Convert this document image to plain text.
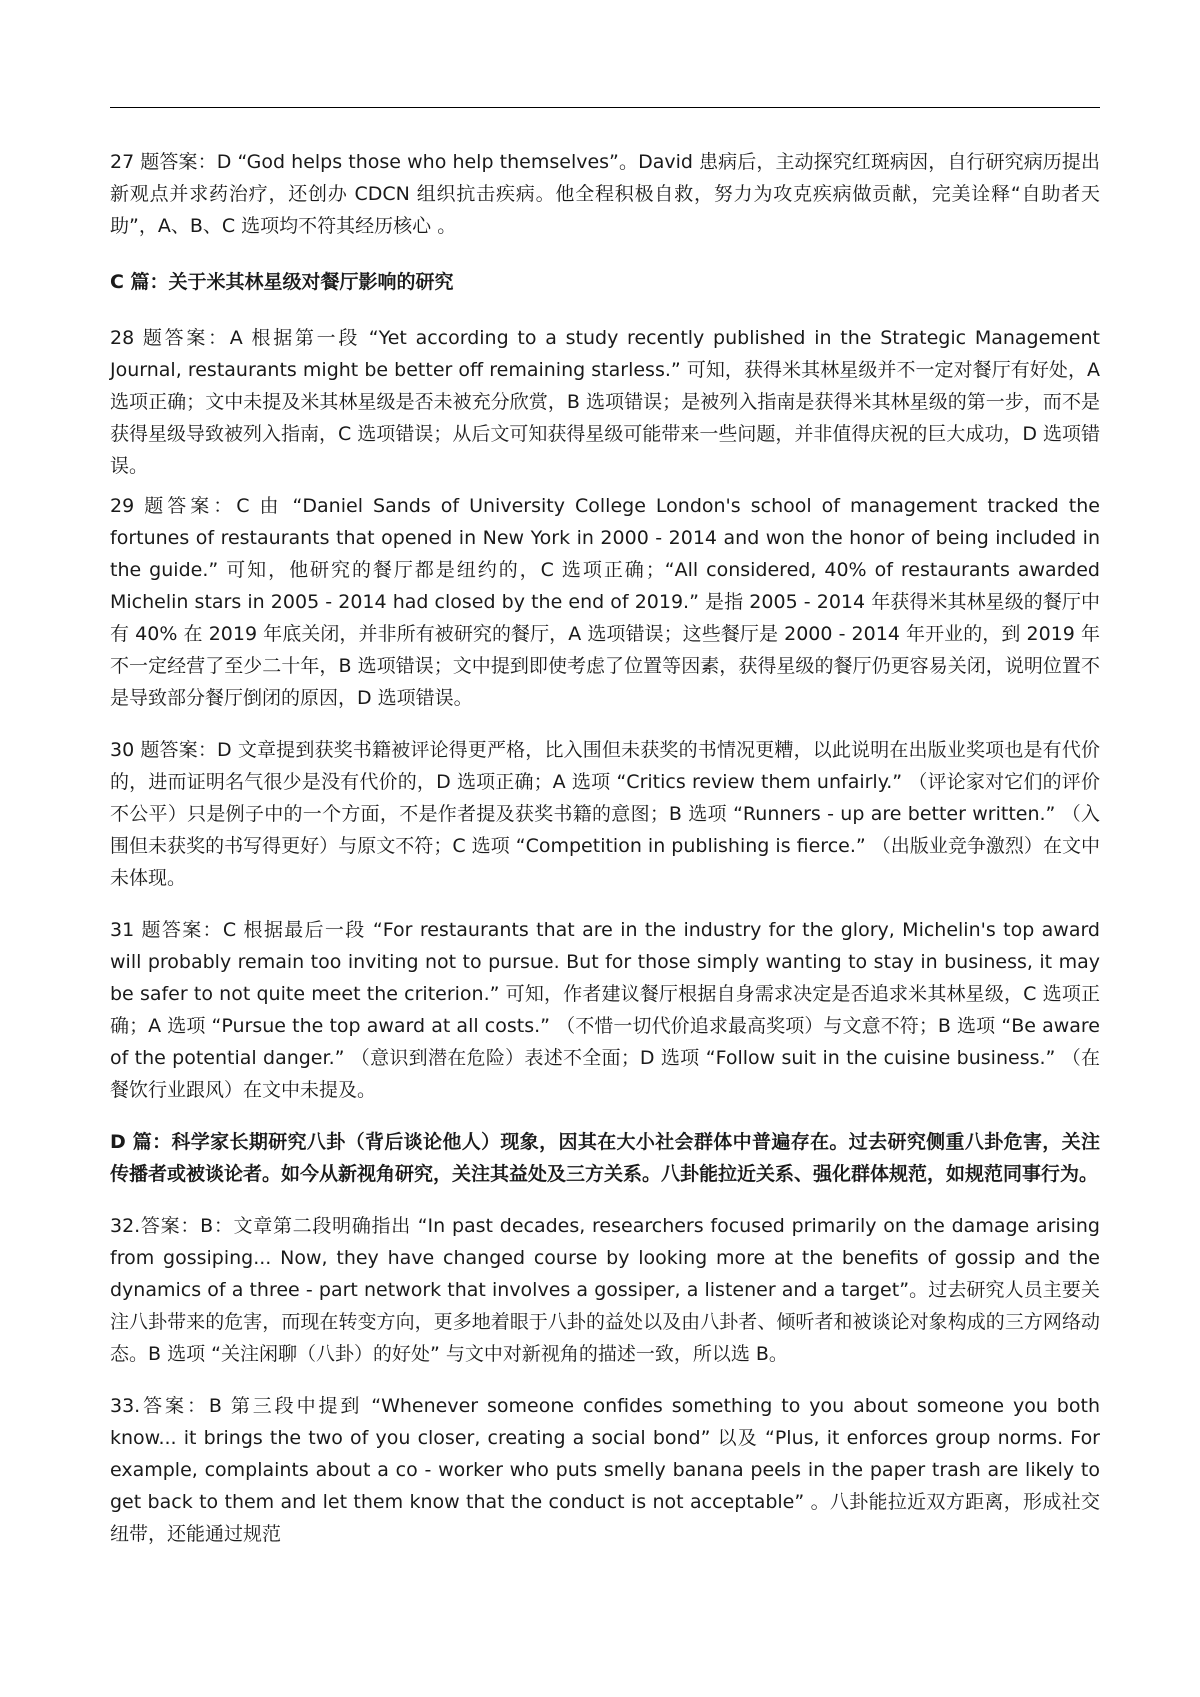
27 题答案：D “God helps those who help themselves”。David 患病后，主动探究红斑病因，自行研究病历提出新观点并求药治疗，还创办 CDCN 组织抗击疾病。他全程积极自救，努力为攻克疾病做贡献，完美诠释“自助者天助”，A、B、C 选项均不符其经历核心 。

C 篇：关于米其林星级对餐厅影响的研究

28 题答案：A 根据第一段 “Yet according to a study recently published in the Strategic Management Journal, restaurants might be better off remaining starless.” 可知，获得米其林星级并不一定对餐厅有好处，A 选项正确；文中未提及米其林星级是否未被充分欣赏，B 选项错误；是被列入指南是获得米其林星级的第一步，而不是获得星级导致被列入指南，C 选项错误；从后文可知获得星级可能带来一些问题，并非值得庆祝的巨大成功，D 选项错误。

29 题答案：C 由 “Daniel Sands of University College London's school of management tracked the fortunes of restaurants that opened in New York in 2000 - 2014 and won the honor of being included in the guide.” 可知，他研究的餐厅都是纽约的，C 选项正确；“All considered, 40% of restaurants awarded Michelin stars in 2005 - 2014 had closed by the end of 2019.” 是指 2005 - 2014 年获得米其林星级的餐厅中有 40% 在 2019 年底关闭，并非所有被研究的餐厅，A 选项错误；这些餐厅是 2000 - 2014 年开业的，到 2019 年不一定经营了至少二十年，B 选项错误；文中提到即使考虑了位置等因素，获得星级的餐厅仍更容易关闭，说明位置不是导致部分餐厅倒闭的原因，D 选项错误。

30 题答案：D 文章提到获奖书籍被评论得更严格，比入围但未获奖的书情况更糟，以此说明在出版业奖项也是有代价的，进而证明名气很少是没有代价的，D 选项正确；A 选项 “Critics review them unfairly.” （评论家对它们的评价不公平）只是例子中的一个方面，不是作者提及获奖书籍的意图；B 选项 “Runners - up are better written.” （入围但未获奖的书写得更好）与原文不符；C 选项 “Competition in publishing is fierce.” （出版业竞争激烈）在文中未体现。

31 题答案：C 根据最后一段 “For restaurants that are in the industry for the glory, Michelin's top award will probably remain too inviting not to pursue. But for those simply wanting to stay in business, it may be safer to not quite meet the criterion.” 可知，作者建议餐厅根据自身需求决定是否追求米其林星级，C 选项正确；A 选项 “Pursue the top award at all costs.” （不惜一切代价追求最高奖项）与文意不符；B 选项 “Be aware of the potential danger.” （意识到潜在危险）表述不全面；D 选项 “Follow suit in the cuisine business.” （在餐饮行业跟风）在文中未提及。

D 篇：科学家长期研究八卦（背后谈论他人）现象，因其在大小社会群体中普遍存在。过去研究侧重八卦危害，关注传播者或被谈论者。如今从新视角研究，关注其益处及三方关系。八卦能拉近关系、强化群体规范，如规范同事行为。

32.答案：B：文章第二段明确指出 “In past decades, researchers focused primarily on the damage arising from gossiping... Now, they have changed course by looking more at the benefits of gossip and the dynamics of a three - part network that involves a gossiper, a listener and a target”。过去研究人员主要关注八卦带来的危害，而现在转变方向，更多地着眼于八卦的益处以及由八卦者、倾听者和被谈论对象构成的三方网络动态。B 选项 “关注闲聊（八卦）的好处” 与文中对新视角的描述一致，所以选 B。

33.答案：B 第三段中提到 “Whenever someone confides something to you about someone you both know... it brings the two of you closer, creating a social bond” 以及 “Plus, it enforces group norms. For example, complaints about a co - worker who puts smelly banana peels in the paper trash are likely to get back to them and let them know that the conduct is not acceptable” 。八卦能拉近双方距离，形成社交纽带，还能通过规范
